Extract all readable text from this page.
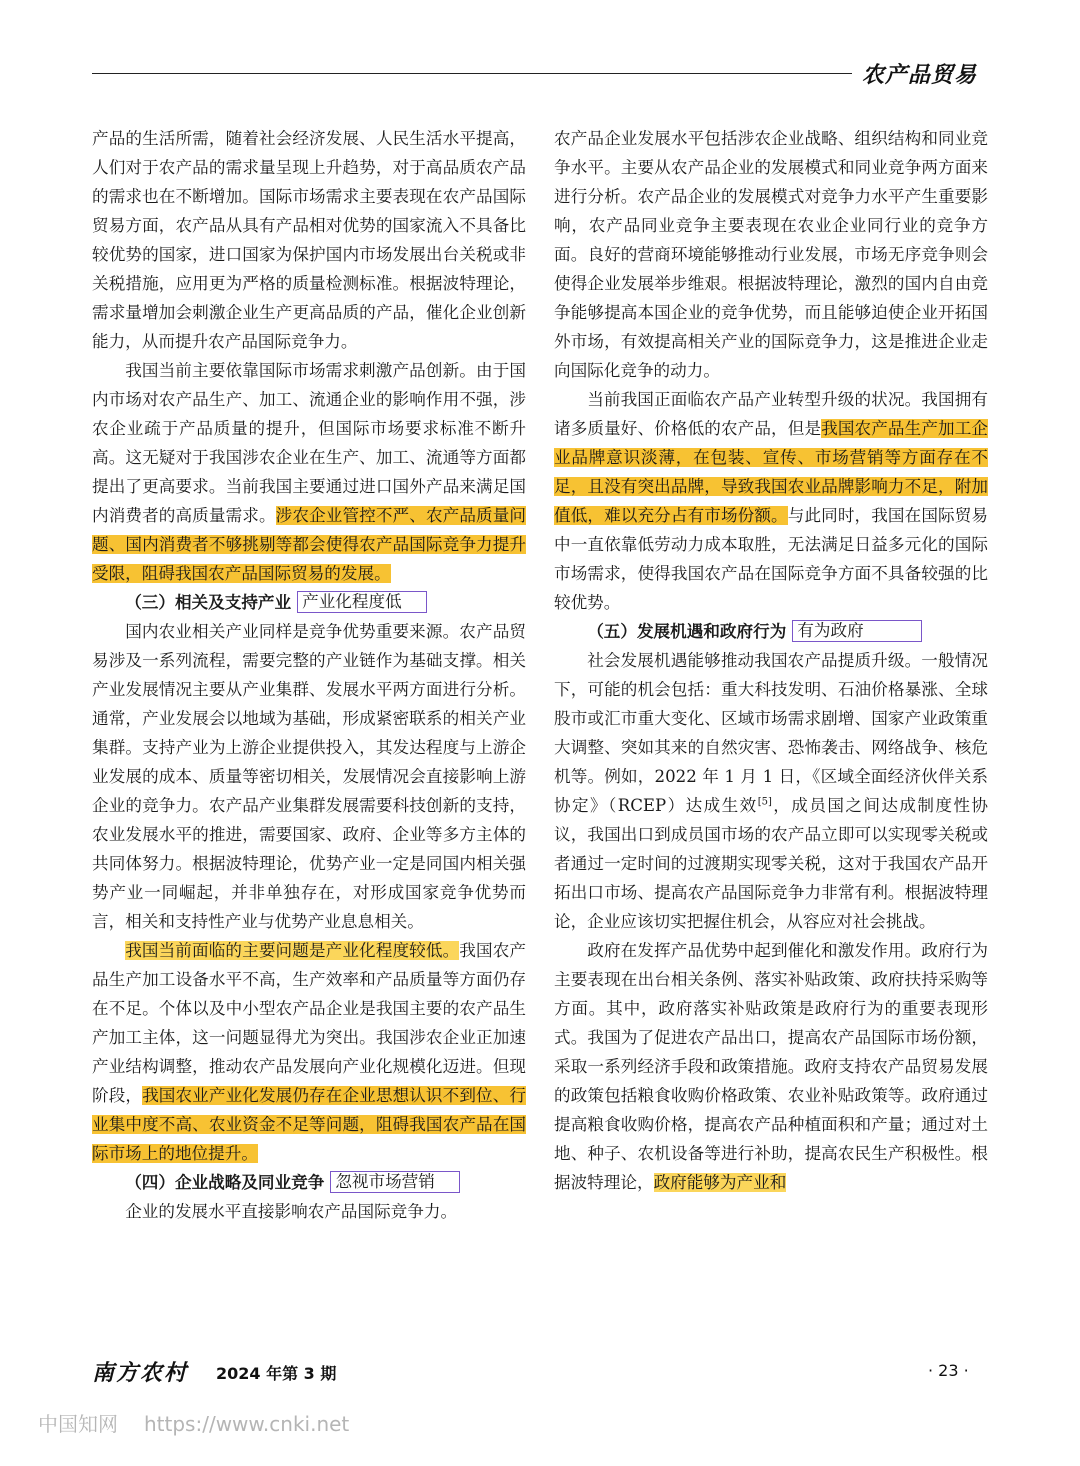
农产品贸易

产品的生活所需，随着社会经济发展、人民生活水平提高，人们对于农产品的需求量呈现上升趋势，对于高品质农产品的需求也在不断增加。国际市场需求主要表现在农产品国际贸易方面，农产品从具有产品相对优势的国家流入不具备比较优势的国家，进口国家为保护国内市场发展出台关税或非关税措施，应用更为严格的质量检测标准。根据波特理论，需求量增加会刺激企业生产更高品质的产品，催化企业创新能力，从而提升农产品国际竞争力。

我国当前主要依靠国际市场需求刺激产品创新。由于国内市场对农产品生产、加工、流通企业的影响作用不强，涉农企业疏于产品质量的提升，但国际市场要求标准不断升高。这无疑对于我国涉农企业在生产、加工、流通等方面都提出了更高要求。当前我国主要通过进口国外产品来满足国内消费者的高质量需求。涉农企业管控不严、农产品质量问题、国内消费者不够挑剔等都会使得农产品国际竞争力提升受限，阻碍我国农产品国际贸易的发展。

（三）相关及支持产业 产业化程度低

国内农业相关产业同样是竞争优势重要来源。农产品贸易涉及一系列流程，需要完整的产业链作为基础支撑。相关产业发展情况主要从产业集群、发展水平两方面进行分析。通常，产业发展会以地域为基础，形成紧密联系的相关产业集群。支持产业为上游企业提供投入，其发达程度与上游企业发展的成本、质量等密切相关，发展情况会直接影响上游企业的竞争力。农产品产业集群发展需要科技创新的支持，农业发展水平的推进，需要国家、政府、企业等多方主体的共同体努力。根据波特理论，优势产业一定是同国内相关强势产业一同崛起，并非单独存在，对形成国家竞争优势而言，相关和支持性产业与优势产业息息相关。

我国当前面临的主要问题是产业化程度较低。我国农产品生产加工设备水平不高，生产效率和产品质量等方面仍存在不足。个体以及中小型农产品企业是我国主要的农产品生产加工主体，这一问题显得尤为突出。我国涉农企业正加速产业结构调整，推动农产品发展向产业化规模化迈进。但现阶段，我国农业产业化发展仍存在企业思想认识不到位、行业集中度不高、农业资金不足等问题，阻碍我国农产品在国际市场上的地位提升。

（四）企业战略及同业竞争 忽视市场营销

企业的发展水平直接影响农产品国际竞争力。

农产品企业发展水平包括涉农企业战略、组织结构和同业竞争水平。主要从农产品企业的发展模式和同业竞争两方面来进行分析。农产品企业的发展模式对竞争力水平产生重要影响，农产品同业竞争主要表现在农业企业同行业的竞争方面。良好的营商环境能够推动行业发展，市场无序竞争则会使得企业发展举步维艰。根据波特理论，激烈的国内自由竞争能够提高本国企业的竞争优势，而且能够迫使企业开拓国外市场，有效提高相关产业的国际竞争力，这是推进企业走向国际化竞争的动力。

当前我国正面临农产品产业转型升级的状况。我国拥有诸多质量好、价格低的农产品，但是我国农产品生产加工企业品牌意识淡薄，在包装、宣传、市场营销等方面存在不足，且没有突出品牌，导致我国农业品牌影响力不足，附加值低，难以充分占有市场份额。与此同时，我国在国际贸易中一直依靠低劳动力成本取胜，无法满足日益多元化的国际市场需求，使得我国农产品在国际竞争方面不具备较强的比较优势。

（五）发展机遇和政府行为 有为政府

社会发展机遇能够推动我国农产品提质升级。一般情况下，可能的机会包括：重大科技发明、石油价格暴涨、全球股市或汇市重大变化、区域市场需求剧增、国家产业政策重大调整、突如其来的自然灾害、恐怖袭击、网络战争、核危机等。例如，2022 年 1 月 1 日，《区域全面经济伙伴关系协定》（RCEP）达成生效[5]，成员国之间达成制度性协议，我国出口到成员国市场的农产品立即可以实现零关税或者通过一定时间的过渡期实现零关税，这对于我国农产品开拓出口市场、提高农产品国际竞争力非常有利。根据波特理论，企业应该切实把握住机会，从容应对社会挑战。

政府在发挥产品优势中起到催化和激发作用。政府行为主要表现在出台相关条例、落实补贴政策、政府扶持采购等方面。其中，政府落实补贴政策是政府行为的重要表现形式。我国为了促进农产品出口，提高农产品国际市场份额，采取一系列经济手段和政策措施。政府支持农产品贸易发展的政策包括粮食收购价格政策、农业补贴政策等。政府通过提高粮食收购价格，提高农产品种植面积和产量；通过对土地、种子、农机设备等进行补助，提高农民生产积极性。根据波特理论，政府能够为产业和

南方农村 2024 年第 3 期	· 23 ·
中国知网 https://www.cnki.net
